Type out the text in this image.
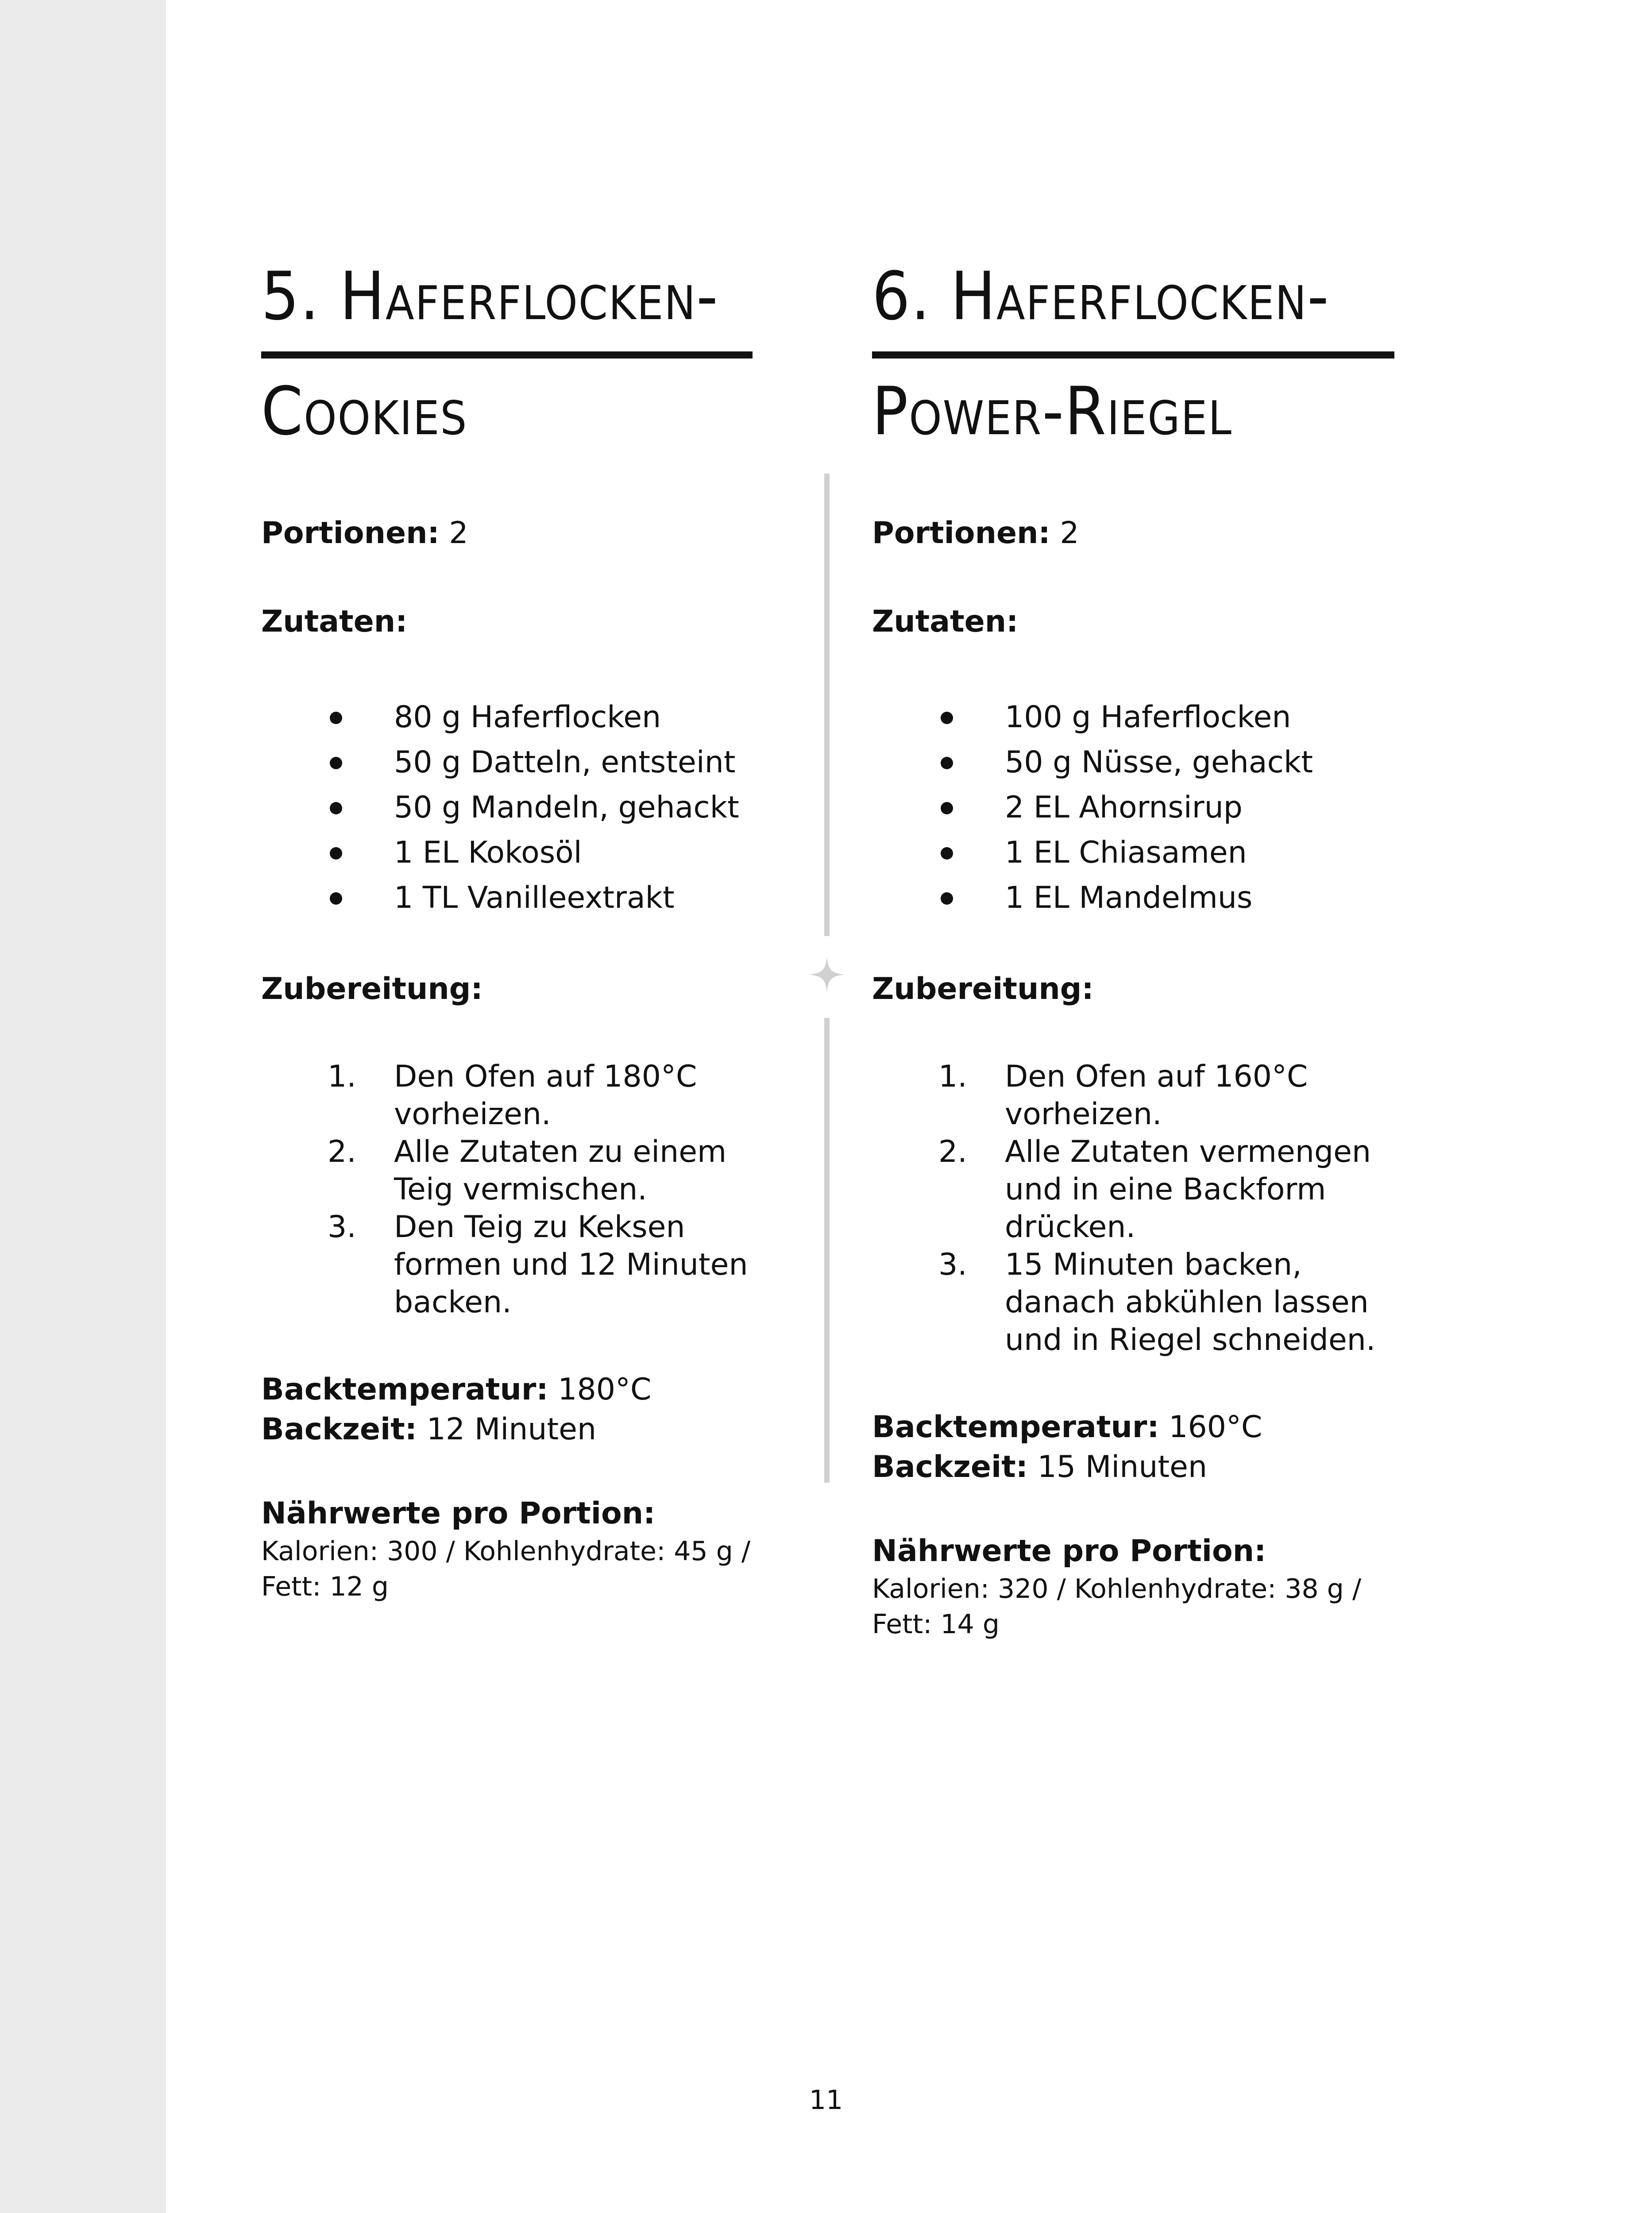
5. Haferflocken-
Cookies
Portionen: 2
Zutaten:
80 g Haferflocken
50 g Datteln, entsteint
50 g Mandeln, gehackt
1 EL Kokosöl
1 TL Vanilleextrakt
Zubereitung:
1.	Den Ofen auf 180°C vorheizen.
2.	Alle Zutaten zu einem Teig vermischen.
3.	Den Teig zu Keksen formen und 12 Minuten backen.
Backtemperatur: 180°C
Backzeit: 12 Minuten
Nährwerte pro Portion:
Kalorien: 300 / Kohlenhydrate: 45 g /
Fett: 12 g
6. Haferflocken-
Power-Riegel
Portionen: 2
Zutaten:
100 g Haferflocken
50 g Nüsse, gehackt
2 EL Ahornsirup
1 EL Chiasamen
1 EL Mandelmus
Zubereitung:
1.	Den Ofen auf 160°C vorheizen.
2.	Alle Zutaten vermengen und in eine Backform drücken.
3.	15 Minuten backen, danach abkühlen lassen und in Riegel schneiden.
Backtemperatur: 160°C
Backzeit: 15 Minuten
Nährwerte pro Portion:
Kalorien: 320 / Kohlenhydrate: 38 g /
Fett: 14 g
11
